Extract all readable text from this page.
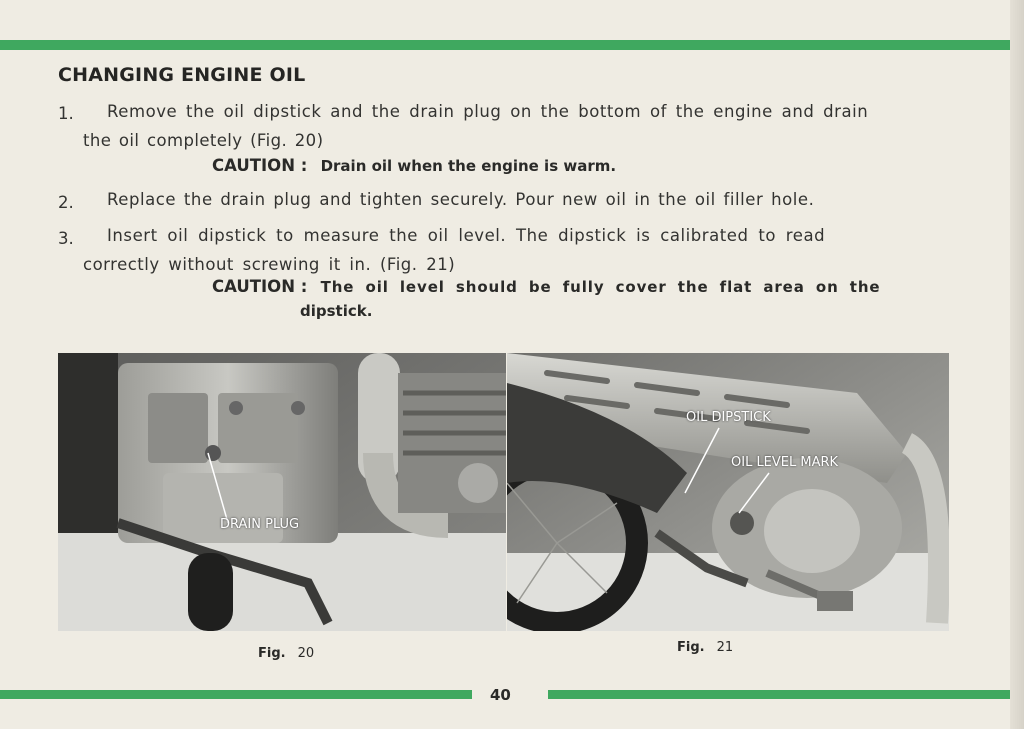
CHANGING ENGINE OIL
1. Remove the oil dipstick and the drain plug on the bottom of the engine and drain
the oil completely (Fig. 20)
CAUTION : Drain oil when the engine is warm.
2. Replace the drain plug and tighten securely. Pour new oil in the oil filler hole.
3. Insert oil dipstick to measure the oil level. The dipstick is calibrated to read
correctly without screwing it in. (Fig. 21)
CAUTION : The oil level should be fully cover the flat area on the
dipstick.
DRAIN PLUG
OIL DIPSTICK
OIL LEVEL MARK
Fig. 20	Fig. 21
40
